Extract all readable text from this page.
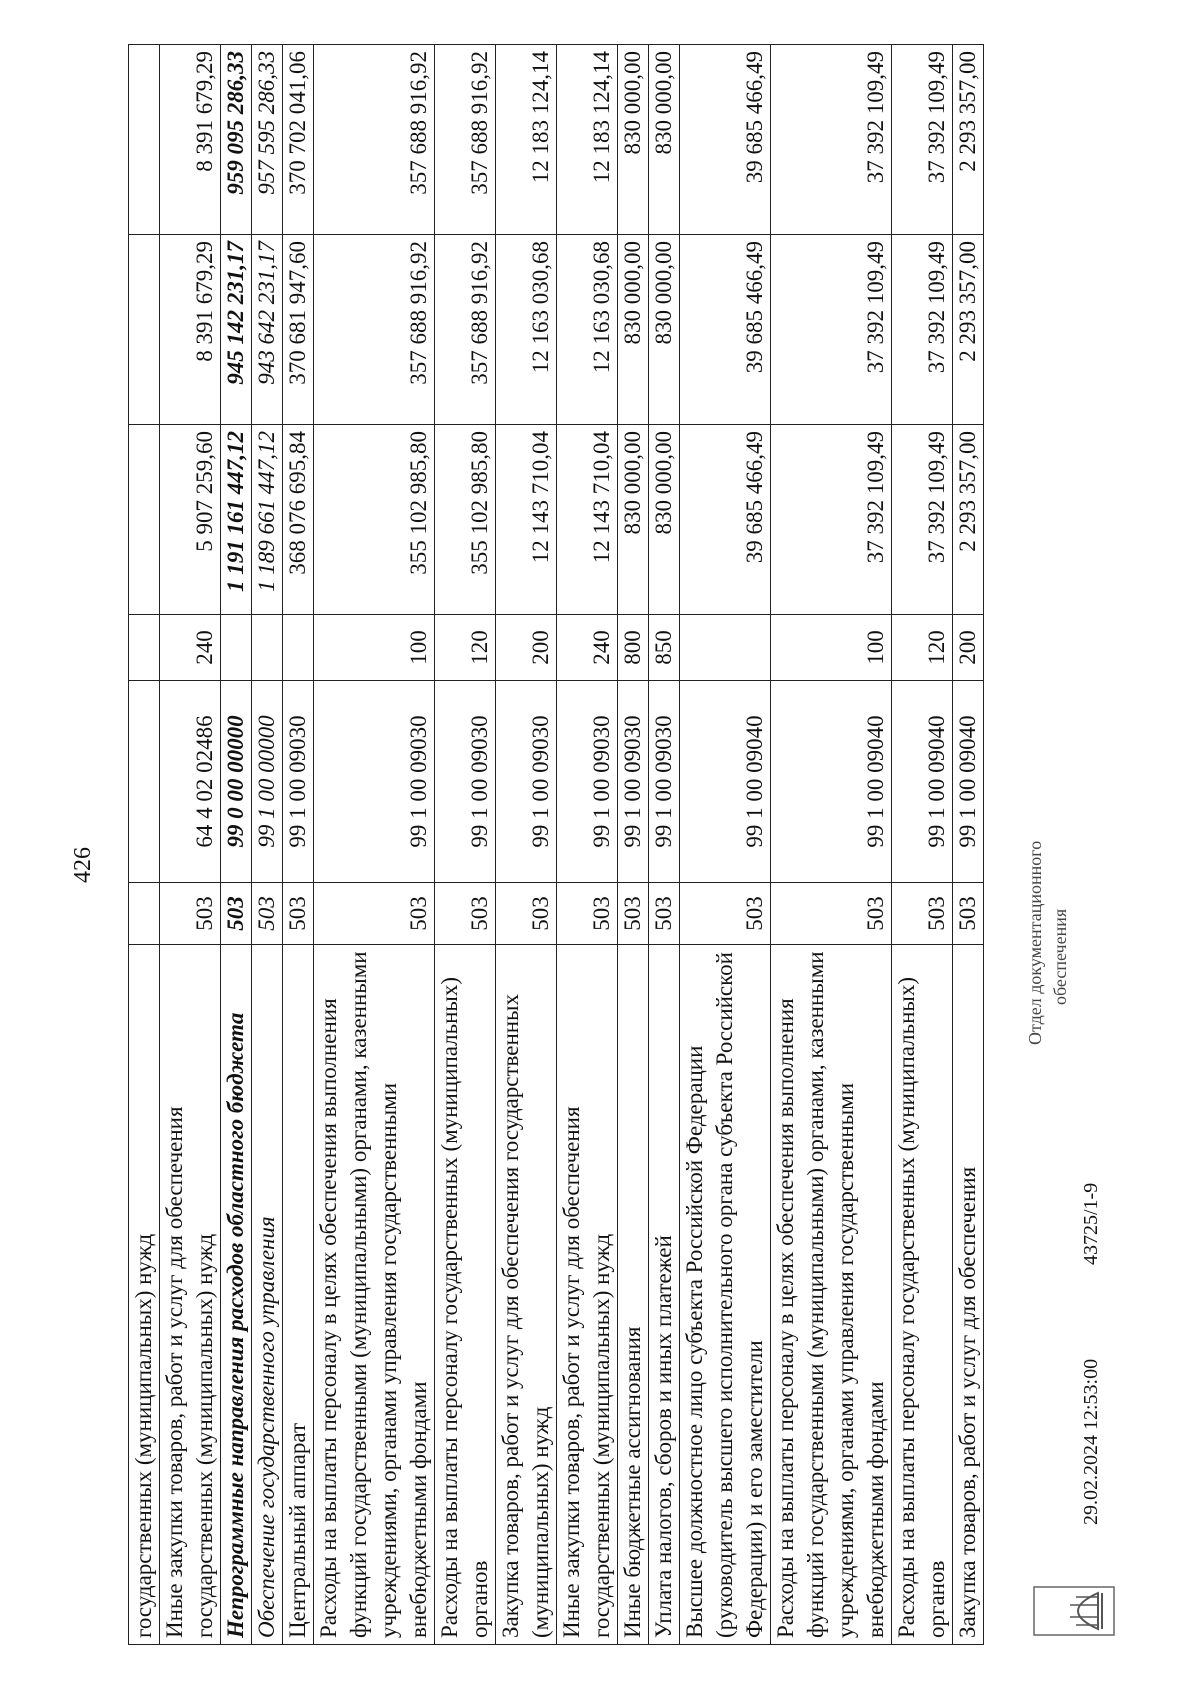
426
государственных (муниципальных) нужд						
Иные закупки товаров, работ и услуг для обеспечения государственных (муниципальных) нужд	503	64 4 02 02486	240	5 907 259,60	8 391 679,29	8 391 679,29
Непрограммные направления расходов областного бюджета	503	99 0 00 00000		1 191 161 447,12	945 142 231,17	959 095 286,33
Обеспечение государственного управления	503	99 1 00 00000		1 189 661 447,12	943 642 231,17	957 595 286,33
Центральный аппарат	503	99 1 00 09030		368 076 695,84	370 681 947,60	370 702 041,06
Расходы на выплаты персоналу в целях обеспечения выполнения функций государственными (муниципальными) органами, казенными учреждениями, органами управления государственными внебюджетными фондами	503	99 1 00 09030	100	355 102 985,80	357 688 916,92	357 688 916,92
Расходы на выплаты персоналу государственных (муниципальных) органов	503	99 1 00 09030	120	355 102 985,80	357 688 916,92	357 688 916,92
Закупка товаров, работ и услуг для обеспечения государственных (муниципальных) нужд	503	99 1 00 09030	200	12 143 710,04	12 163 030,68	12 183 124,14
Иные закупки товаров, работ и услуг для обеспечения государственных (муниципальных) нужд	503	99 1 00 09030	240	12 143 710,04	12 163 030,68	12 183 124,14
Иные бюджетные ассигнования	503	99 1 00 09030	800	830 000,00	830 000,00	830 000,00
Уплата налогов, сборов и иных платежей	503	99 1 00 09030	850	830 000,00	830 000,00	830 000,00
Высшее должностное лицо субъекта Российской Федерации (руководитель высшего исполнительного органа субъекта Российской Федерации) и его заместители	503	99 1 00 09040		39 685 466,49	39 685 466,49	39 685 466,49
Расходы на выплаты персоналу в целях обеспечения выполнения функций государственными (муниципальными) органами, казенными учреждениями, органами управления государственными внебюджетными фондами	503	99 1 00 09040	100	37 392 109,49	37 392 109,49	37 392 109,49
Расходы на выплаты персоналу государственных (муниципальных) органов	503	99 1 00 09040	120	37 392 109,49	37 392 109,49	37 392 109,49
Закупка товаров, работ и услуг для обеспечения	503	99 1 00 09040	200	2 293 357,00	2 293 357,00	2 293 357,00
Отдел документационного обеспечения
29.02.2024 12:53:00
43725/1-9
